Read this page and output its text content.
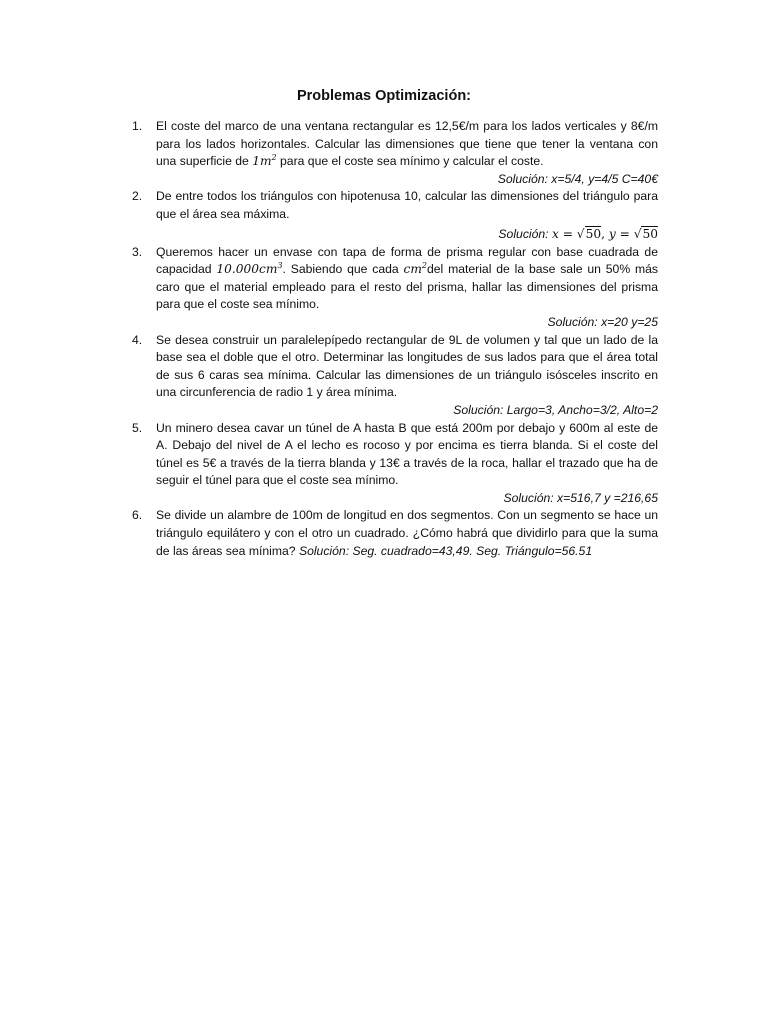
Problemas Optimización:
1. El coste del marco de una ventana rectangular es 12,5€/m para los lados verticales y 8€/m para los lados horizontales. Calcular las dimensiones que tiene que tener la ventana con una superficie de $1m^2$ para que el coste sea mínimo y calcular el coste.

Solución: x=5/4, y=4/5 C=40€

2. De entre todos los triángulos con hipotenusa 10, calcular las dimensiones del triángulo para que el área sea máxima.

Solución: x = √50, y = √50

3. Queremos hacer un envase con tapa de forma de prisma regular con base cuadrada de capacidad $10.000cm^3$. Sabiendo que cada $cm^2del$ material de la base sale un 50% más caro que el material empleado para el resto del prisma, hallar las dimensiones del prisma para que el coste sea mínimo.

Solución: x=20 y=25

4. Se desea construir un paralelepípedo rectangular de 9L de volumen y tal que un lado de la base sea el doble que el otro. Determinar las longitudes de sus lados para que el área total de sus 6 caras sea mínima. Calcular las dimensiones de un triángulo isósceles inscrito en una circunferencia de radio 1 y área mínima.

Solución: Largo=3, Ancho=3/2, Alto=2

5. Un minero desea cavar un túnel de A hasta B que está 200m por debajo y 600m al este de A. Debajo del nivel de A el lecho es rocoso y por encima es tierra blanda. Si el coste del túnel es 5€ a través de la tierra blanda y 13€ a través de la roca, hallar el trazado que ha de seguir el túnel para que el coste sea mínimo.

Solución: x=516,7 y =216,65

6. Se divide un alambre de 100m de longitud en dos segmentos. Con un segmento se hace un triángulo equilátero y con el otro un cuadrado. ¿Cómo habrá que dividirlo para que la suma de las áreas sea mínima? Solución: Seg. cuadrado=43,49. Seg. Triángulo=56.51
